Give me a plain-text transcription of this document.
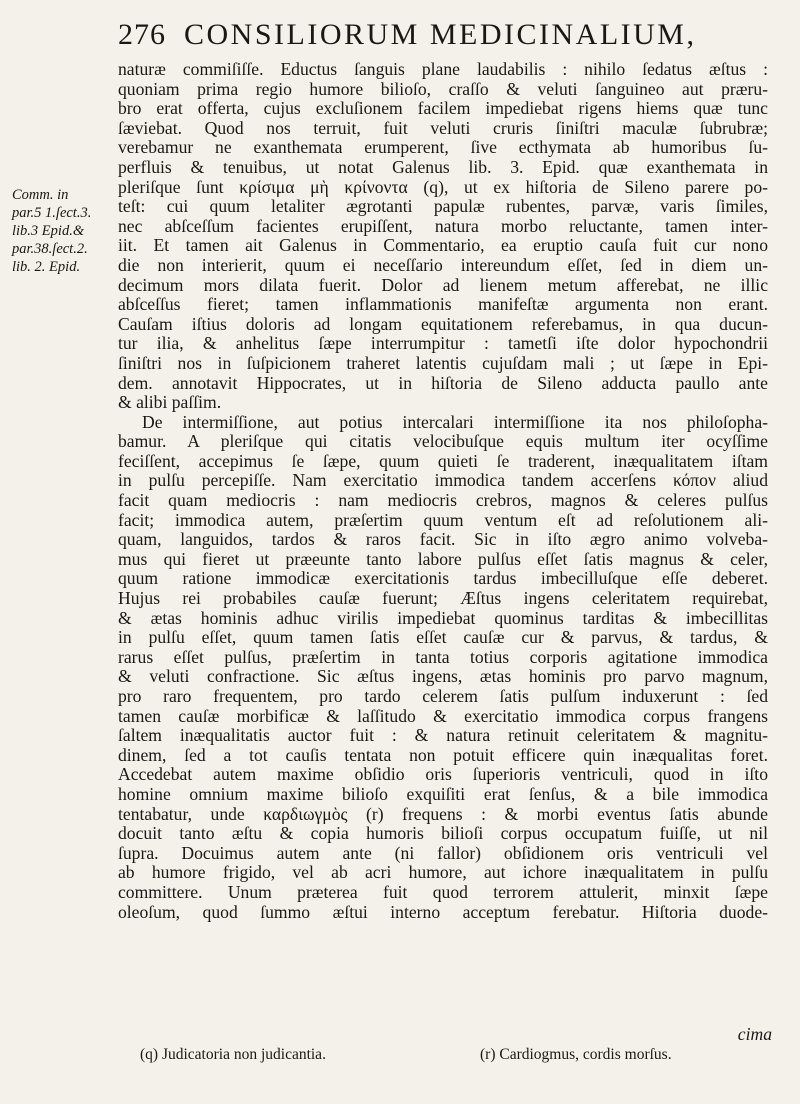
276 CONSILIORUM MEDICINALIUM,
Comm. in
par.5 1.ſect.3.
lib.3 Epid.&
par.38.ſect.2.
lib. 2. Epid.
naturæ commiſiſſe. Eductus ſanguis plane laudabilis : nihilo ſedatus æſtus :
quoniam prima regio humore bilioſo, craſſo & veluti ſanguineo aut præru-
bro erat offerta, cujus excluſionem facilem impediebat rigens hiems quæ tunc
ſæviebat. Quod nos terruit, fuit veluti cruris ſiniſtri maculæ ſubrubræ;
verebamur ne exanthemata erumperent, ſive ecthymata ab humoribus ſu-
perfluis & tenuibus, ut notat Galenus lib. 3. Epid. quæ exanthemata in
pleriſque ſunt κρίσιμα μὴ κρίνοντα (q), ut ex hiſtoria de Sileno parere po-
teſt: cui quum letaliter ægrotanti papulæ rubentes, parvæ, varis ſimiles,
nec abſceſſum facientes erupiſſent, natura morbo reluctante, tamen inter-
iit. Et tamen ait Galenus in Commentario, ea eruptio cauſa fuit cur nono
die non interierit, quum ei neceſſario intereundum eſſet, ſed in diem un-
decimum mors dilata fuerit. Dolor ad lienem metum afferebat, ne illic
abſceſſus fieret; tamen inflammationis manifeſtæ argumenta non erant.
Cauſam iſtius doloris ad longam equitationem referebamus, in qua ducun-
tur ilia, & anhelitus ſæpe interrumpitur : tametſi iſte dolor hypochondrii
ſiniſtri nos in ſuſpicionem traheret latentis cujuſdam mali ; ut ſæpe in Epi-
dem. annotavit Hippocrates, ut in hiſtoria de Sileno adducta paullo ante
& alibi paſſim.
De intermiſſione, aut potius intercalari intermiſſione ita nos philoſopha-
bamur. A pleriſque qui citatis velocibuſque equis multum iter ocyſſime
feciſſent, accepimus ſe ſæpe, quum quieti ſe traderent, inæqualitatem iſtam
in pulſu percepiſſe. Nam exercitatio immodica tandem accerſens κόπον aliud
facit quam mediocris : nam mediocris crebros, magnos & celeres pulſus
facit; immodica autem, præſertim quum ventum eſt ad reſolutionem ali-
quam, languidos, tardos & raros facit. Sic in iſto ægro animo volveba-
mus qui fieret ut præeunte tanto labore pulſus eſſet ſatis magnus & celer,
quum ratione immodicæ exercitationis tardus imbecilluſque eſſe deberet.
Hujus rei probabiles cauſæ fuerunt; Æſtus ingens celeritatem requirebat,
& ætas hominis adhuc virilis impediebat quominus tarditas & imbecillitas
in pulſu eſſet, quum tamen ſatis eſſet cauſæ cur & parvus, & tardus, &
rarus eſſet pulſus, præſertim in tanta totius corporis agitatione immodica
& veluti confractione. Sic æſtus ingens, ætas hominis pro parvo magnum,
pro raro frequentem, pro tardo celerem ſatis pulſum induxerunt : ſed
tamen cauſæ morbificæ & laſſitudo & exercitatio immodica corpus frangens
ſaltem inæqualitatis auctor fuit : & natura retinuit celeritatem & magnitu-
dinem, ſed a tot cauſis tentata non potuit efficere quin inæqualitas foret.
Accedebat autem maxime obſidio oris ſuperioris ventriculi, quod in iſto
homine omnium maxime bilioſo exquiſiti erat ſenſus, & a bile immodica
tentabatur, unde καρδιωγμὸς (r) frequens : & morbi eventus ſatis abunde
docuit tanto æſtu & copia humoris bilioſi corpus occupatum fuiſſe, ut nil
ſupra. Docuimus autem ante (ni fallor) obſidionem oris ventriculi vel
ab humore frigido, vel ab acri humore, aut ichore inæqualitatem in pulſu
committere. Unum præterea fuit quod terrorem attulerit, minxit ſæpe
oleoſum, quod ſummo æſtui interno acceptum ferebatur. Hiſtoria duode-
cima
(q) Judicatoria non judicantia.	(r) Cardiogmus, cordis morſus.
